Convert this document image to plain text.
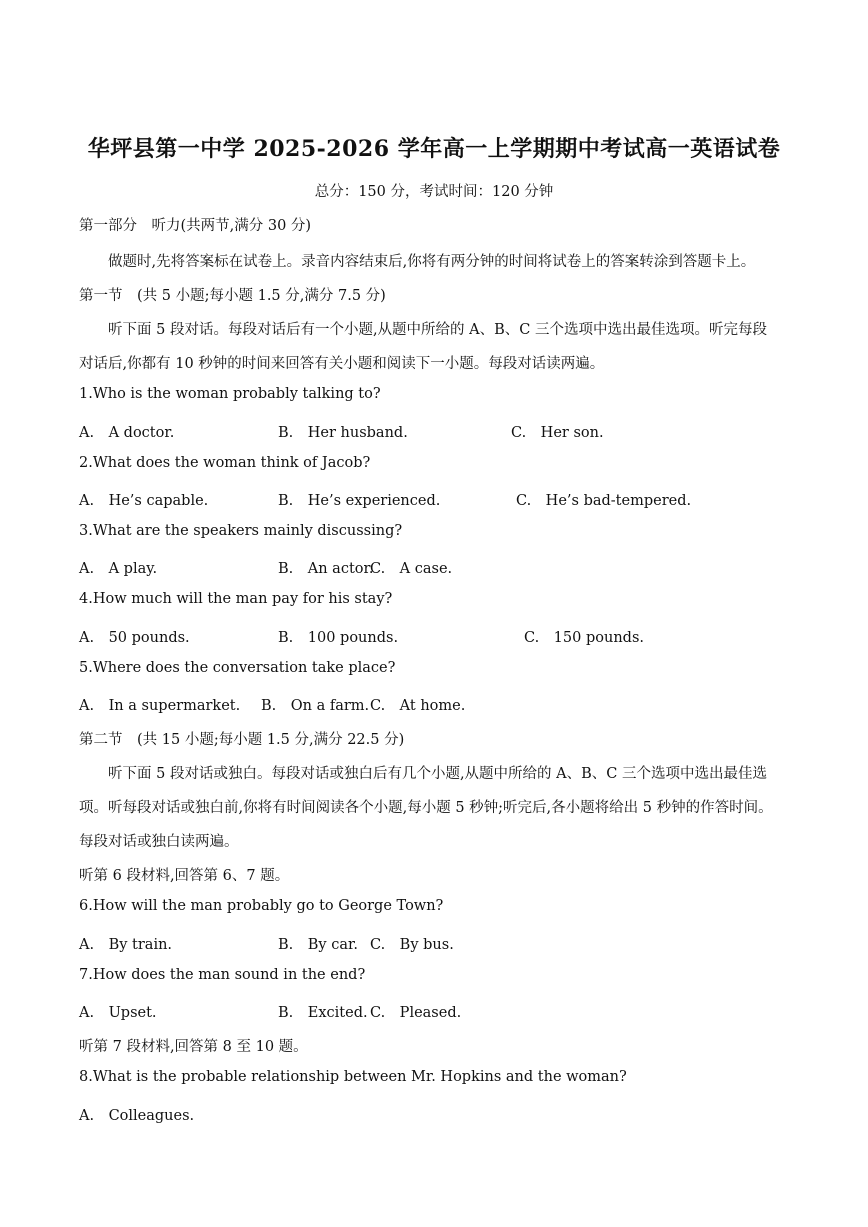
华坪县第一中学 2025-2026 学年高一上学期期中考试高一英语试卷
总分：150 分，考试时间：120 分钟
第一部分　听力(共两节,满分 30 分)
做题时,先将答案标在试卷上。录音内容结束后,你将有两分钟的时间将试卷上的答案转涂到答题卡上。
第一节　(共 5 小题;每小题 1.5 分,满分 7.5 分)
听下面 5 段对话。每段对话后有一个小题,从题中所给的 A、B、C 三个选项中选出最佳选项。听完每段
对话后,你都有 10 秒钟的时间来回答有关小题和阅读下一小题。每段对话读两遍。
1.Who is the woman probably talking to?
A.　A doctor.	B.　Her husband.	C.　Her son.
2.What does the woman think of Jacob?
A.　He’s capable.	B.　He’s experienced.	C.　He’s bad-tempered.
3.What are the speakers mainly discussing?
A.　A play.	B.　An actor.
C.　A case.
4.How much will the man pay for his stay?
A.　50 pounds.	B.　100 pounds.	C.　150 pounds.
5.Where does the conversation take place?
A.　In a supermarket. B.　On a farm. C.　At home.
第二节　(共 15 小题;每小题 1.5 分,满分 22.5 分)
听下面 5 段对话或独白。每段对话或独白后有几个小题,从题中所给的 A、B、C 三个选项中选出最佳选
项。听每段对话或独白前,你将有时间阅读各个小题,每小题 5 秒钟;听完后,各小题将给出 5 秒钟的作答时间。
每段对话或独白读两遍。
听第 6 段材料,回答第 6、7 题。
6.How will the man probably go to George Town?
A.　By train.	B.　By car. C.　By bus.
7.How does the man sound in the end?
A.　Upset.	B.　Excited. C.　Pleased.
听第 7 段材料,回答第 8 至 10 题。
8.What is the probable relationship between Mr. Hopkins and the woman?
A.　Colleagues.
